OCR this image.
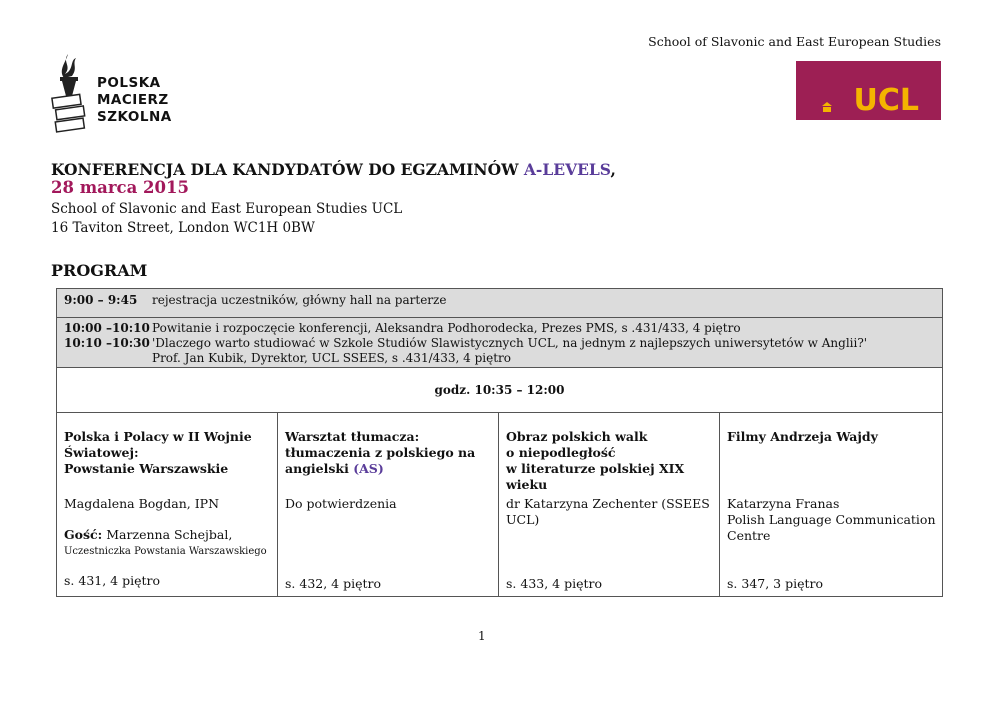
School of Slavonic and East European Studies
POLSKA
MACIERZ
SZKOLNA	UCL
KONFERENCJA DLA KANDYDATÓW DO EGZAMINÓW A-LEVELS,
28 marca 2015
School of Slavonic and East European Studies UCL
16 Taviton Street, London WC1H 0BW
PROGRAM
9:00 – 9:45 rejestracja uczestników, główny hall na parterze
10:00 –10:10 Powitanie i rozpoczęcie konferencji, Aleksandra Podhorodecka, Prezes PMS, s .431/433, 4 piętro
10:10 –10:30 'Dlaczego warto studiować w Szkole Studiów Slawistycznych UCL, na jednym z najlepszych uniwersytetów w Anglii?'
Prof. Jan Kubik, Dyrektor, UCL SSEES, s .431/433, 4 piętro
godz. 10:35 – 12:00
Polska i Polacy w II Wojnie
Światowej:
Powstanie Warszawskie
Magdalena Bogdan, IPN
Gość: Marzenna Schejbal,
Uczestniczka Powstania Warszawskiego
s. 431, 4 piętro
Warsztat tłumacza:
tłumaczenia z polskiego na
angielski (AS)
Do potwierdzenia
s. 432, 4 piętro
Obraz polskich walk
o niepodległość
w literaturze polskiej XIX wieku
dr Katarzyna Zechenter (SSEES
UCL)
s. 433, 4 piętro
Filmy Andrzeja Wajdy
Katarzyna Franas
Polish Language Communication
Centre
s. 347, 3 piętro
1
